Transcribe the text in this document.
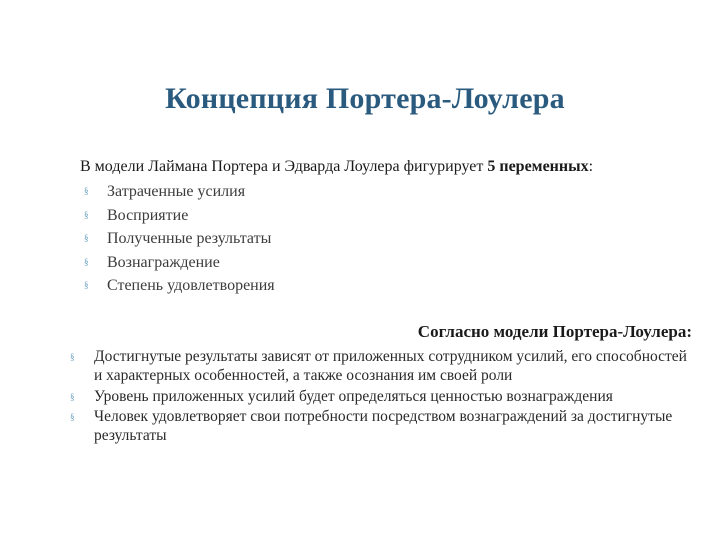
Концепция Портера-Лоулера
В модели Лаймана Портера и Эдварда Лоулера фигурирует 5 переменных:
§ Затраченные усилия
§ Восприятие
§ Полученные результаты
§ Вознаграждение
§ Степень удовлетворения
Согласно модели Портера-Лоулера:
§ Достигнутые результаты зависят от приложенных сотрудником усилий, его способностей и характерных особенностей, а также осознания им своей роли
§ Уровень приложенных усилий будет определяться ценностью вознаграждения
§ Человек удовлетворяет свои потребности посредством вознаграждений за достигнутые результаты
